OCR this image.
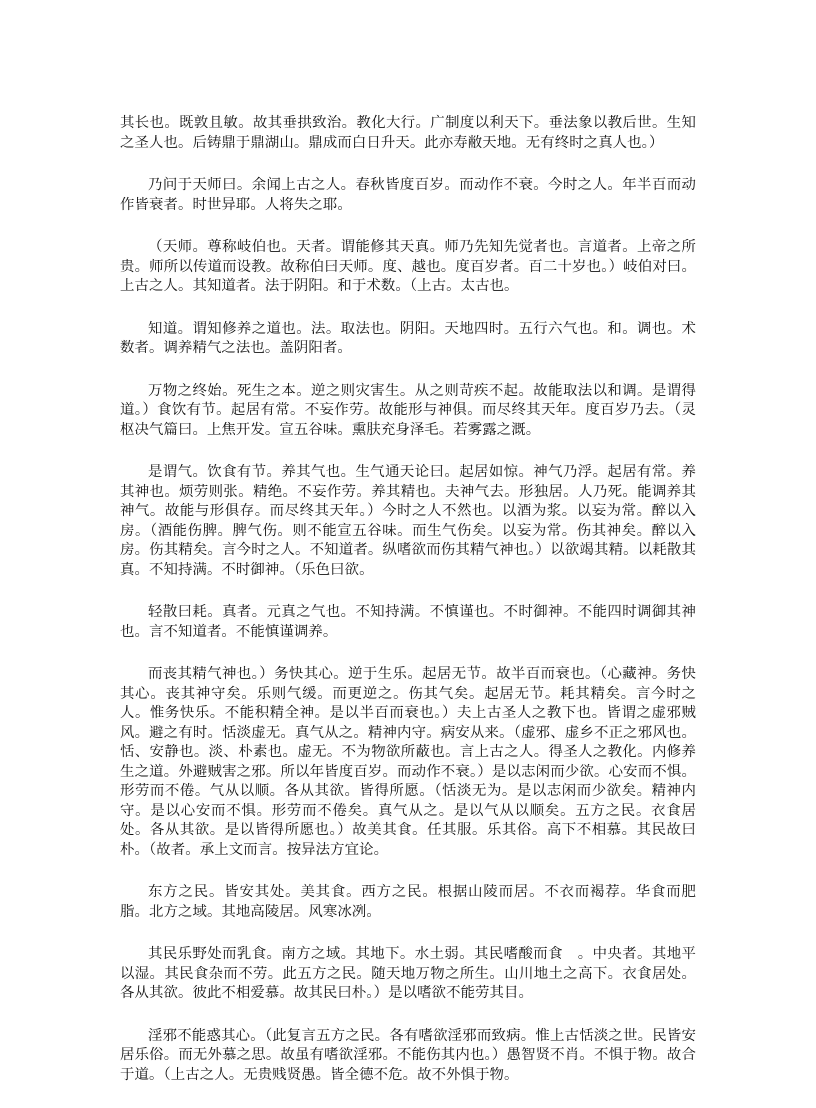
其长也。既敦且敏。故其垂拱致治。教化大行。广制度以利天下。垂法象以教后世。生知之圣人也。后铸鼎于鼎湖山。鼎成而白日升天。此亦寿敝天地。无有终时之真人也。）

乃问于天师曰。余闻上古之人。春秋皆度百岁。而动作不衰。今时之人。年半百而动作皆衰者。时世异耶。人将失之耶。

（天师。尊称岐伯也。天者。谓能修其天真。师乃先知先觉者也。言道者。上帝之所贵。师所以传道而设教。故称伯曰天师。度、越也。度百岁者。百二十岁也。）岐伯对曰。上古之人。其知道者。法于阴阳。和于术数。（上古。太古也。

知道。谓知修养之道也。法。取法也。阴阳。天地四时。五行六气也。和。调也。术数者。调养精气之法也。盖阴阳者。

万物之终始。死生之本。逆之则灾害生。从之则苛疾不起。故能取法以和调。是谓得道。）食饮有节。起居有常。不妄作劳。故能形与神俱。而尽终其天年。度百岁乃去。（灵枢决气篇曰。上焦开发。宣五谷味。熏肤充身泽毛。若雾露之溉。

是谓气。饮食有节。养其气也。生气通天论曰。起居如惊。神气乃浮。起居有常。养其神也。烦劳则张。精绝。不妄作劳。养其精也。夫神气去。形独居。人乃死。能调养其神气。故能与形俱存。而尽终其天年。）今时之人不然也。以酒为浆。以妄为常。醉以入房。（酒能伤脾。脾气伤。则不能宣五谷味。而生气伤矣。以妄为常。伤其神矣。醉以入房。伤其精矣。言今时之人。不知道者。纵嗜欲而伤其精气神也。）以欲竭其精。以耗散其真。不知持满。不时御神。（乐色曰欲。

轻散曰耗。真者。元真之气也。不知持满。不慎谨也。不时御神。不能四时调御其神也。言不知道者。不能慎谨调养。

而丧其精气神也。）务快其心。逆于生乐。起居无节。故半百而衰也。（心藏神。务快其心。丧其神守矣。乐则气缓。而更逆之。伤其气矣。起居无节。耗其精矣。言今时之人。惟务快乐。不能积精全神。是以半百而衰也。）夫上古圣人之教下也。皆谓之虚邪贼风。避之有时。恬淡虚无。真气从之。精神内守。病安从来。（虚邪、虚乡不正之邪风也。恬、安静也。淡、朴素也。虚无。不为物欲所蔽也。言上古之人。得圣人之教化。内修养生之道。外避贼害之邪。所以年皆度百岁。而动作不衰。）是以志闲而少欲。心安而不惧。形劳而不倦。气从以顺。各从其欲。皆得所愿。（恬淡无为。是以志闲而少欲矣。精神内守。是以心安而不惧。形劳而不倦矣。真气从之。是以气从以顺矣。五方之民。衣食居处。各从其欲。是以皆得所愿也。）故美其食。任其服。乐其俗。高下不相慕。其民故曰朴。（故者。承上文而言。按异法方宜论。

东方之民。皆安其处。美其食。西方之民。根据山陵而居。不衣而褐荐。华食而肥脂。北方之域。其地高陵居。风寒冰冽。

其民乐野处而乳食。南方之域。其地下。水土弱。其民嗜酸而食　。中央者。其地平以湿。其民食杂而不劳。此五方之民。随天地万物之所生。山川地土之高下。衣食居处。各从其欲。彼此不相爱慕。故其民曰朴。）是以嗜欲不能劳其目。

淫邪不能惑其心。（此复言五方之民。各有嗜欲淫邪而致病。惟上古恬淡之世。民皆安居乐俗。而无外慕之思。故虽有嗜欲淫邪。不能伤其内也。）愚智贤不肖。不惧于物。故合于道。（上古之人。无贵贱贤愚。皆全德不危。故不外惧于物。
